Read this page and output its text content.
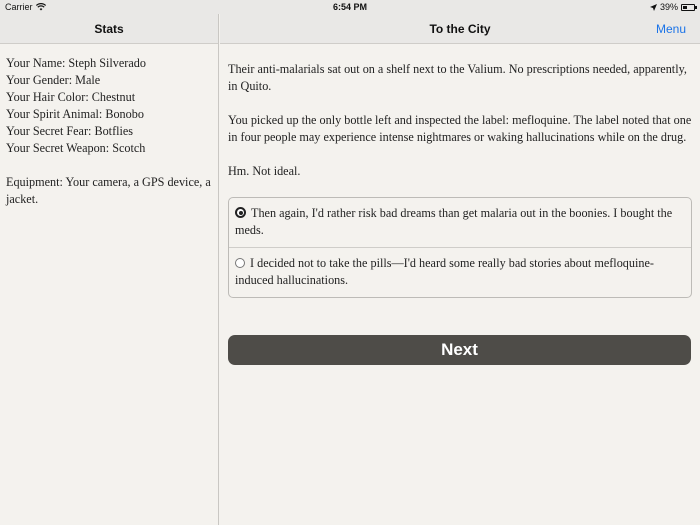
Carrier	6:54 PM	39%
Stats
Your Name: Steph Silverado
Your Gender: Male
Your Hair Color: Chestnut
Your Spirit Animal: Bonobo
Your Secret Fear: Botflies
Your Secret Weapon: Scotch
Equipment: Your camera, a GPS device, a jacket.
To the City	Menu

Their anti-malarials sat out on a shelf next to the Valium. No prescriptions needed, apparently, in Quito.

You picked up the only bottle left and inspected the label: mefloquine. The label noted that one in four people may experience intense nightmares or waking hallucinations while on the drug.

Hm. Not ideal.

Then again, I'd rather risk bad dreams than get malaria out in the boonies. I bought the meds.
I decided not to take the pills—I'd heard some really bad stories about mefloquine-induced hallucinations.
Next
